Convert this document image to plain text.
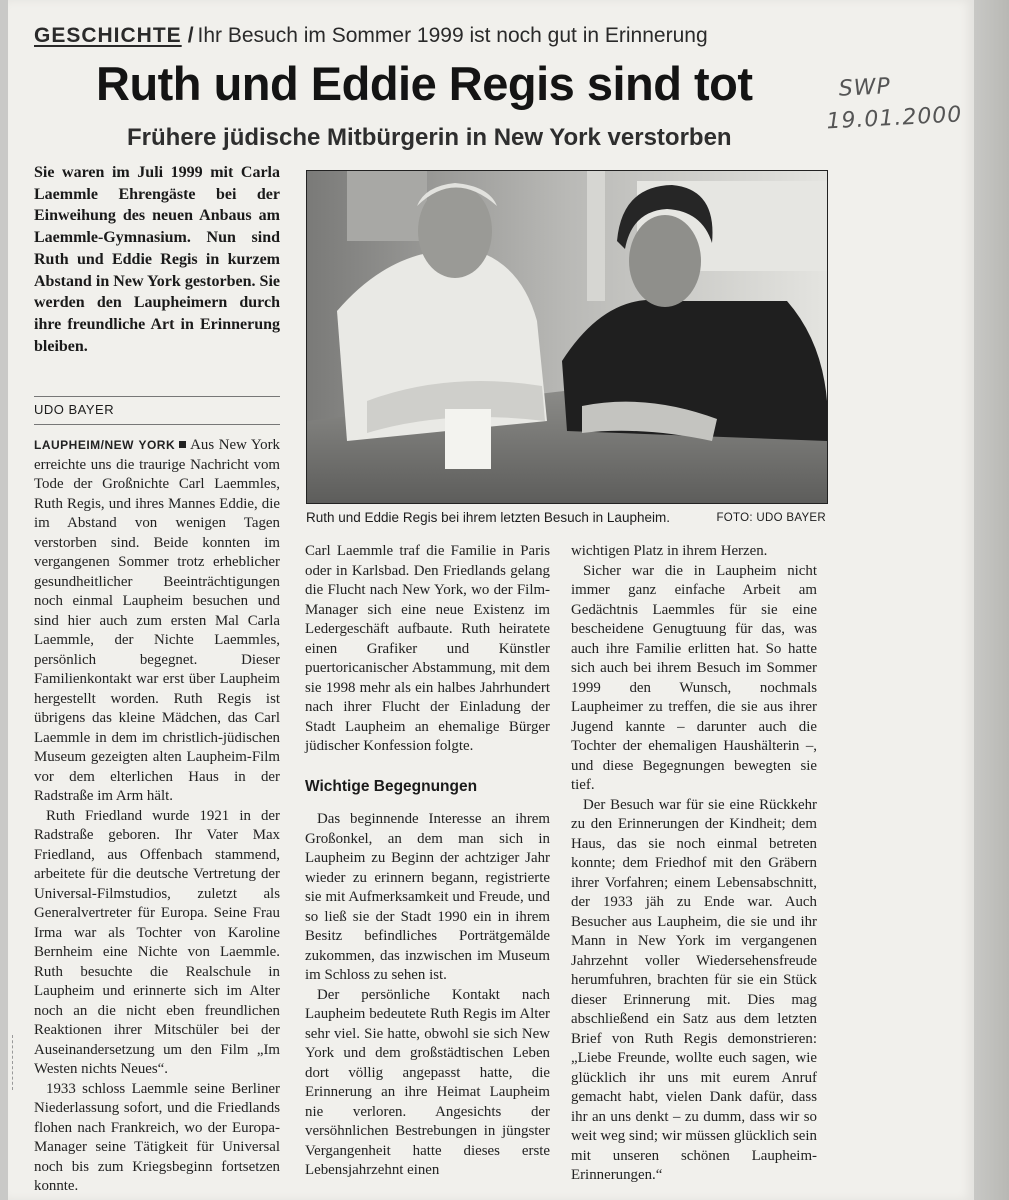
GESCHICHTE / Ihr Besuch im Sommer 1999 ist noch gut in Erinnerung
Ruth und Eddie Regis sind tot
Frühere jüdische Mitbürgerin in New York verstorben
SWP
19.01.2000
Sie waren im Juli 1999 mit Carla Laemmle Ehrengäste bei der Einweihung des neuen Anbaus am Laemmle-Gymnasium. Nun sind Ruth und Eddie Regis in kurzem Abstand in New York gestorben. Sie werden den Laupheimern durch ihre freundliche Art in Erinnerung bleiben.
UDO BAYER
Ruth und Eddie Regis bei ihrem letzten Besuch in Laupheim.	FOTO: UDO BAYER

LAUPHEIM/NEW YORK Aus New York erreichte uns die traurige Nachricht vom Tode der Großnichte Carl Laemmles, Ruth Regis, und ihres Mannes Eddie, die im Abstand von wenigen Tagen verstorben sind. Beide konnten im vergangenen Sommer trotz erheblicher gesundheitlicher Beeinträchtigungen noch einmal Laupheim besuchen und sind hier auch zum ersten Mal Carla Laemmle, der Nichte Laemmles, persönlich begegnet. Dieser Familienkontakt war erst über Laupheim hergestellt worden. Ruth Regis ist übrigens das kleine Mädchen, das Carl Laemmle in dem im christlich-jüdischen Museum gezeigten alten Laupheim-Film vor dem elterlichen Haus in der Radstraße im Arm hält.

Ruth Friedland wurde 1921 in der Radstraße geboren. Ihr Vater Max Friedland, aus Offenbach stammend, arbeitete für die deutsche Vertretung der Universal-Filmstudios, zuletzt als Generalvertreter für Europa. Seine Frau Irma war als Tochter von Karoline Bernheim eine Nichte von Laemmle. Ruth besuchte die Realschule in Laupheim und erinnerte sich im Alter noch an die nicht eben freundlichen Reaktionen ihrer Mitschüler bei der Auseinandersetzung um den Film „Im Westen nichts Neues“.

1933 schloss Laemmle seine Berliner Niederlassung sofort, und die Friedlands flohen nach Frankreich, wo der Europa-Manager seine Tätigkeit für Universal noch bis zum Kriegsbeginn fortsetzen konnte.

Carl Laemmle traf die Familie in Paris oder in Karlsbad. Den Friedlands gelang die Flucht nach New York, wo der Film-Manager sich eine neue Existenz im Ledergeschäft aufbaute. Ruth heiratete einen Grafiker und Künstler puertoricanischer Abstammung, mit dem sie 1998 mehr als ein halbes Jahrhundert nach ihrer Flucht der Einladung der Stadt Laupheim an ehemalige Bürger jüdischer Konfession folgte.

Wichtige Begegnungen

Das beginnende Interesse an ihrem Großonkel, an dem man sich in Laupheim zu Beginn der achtziger Jahr wieder zu erinnern begann, registrierte sie mit Aufmerksamkeit und Freude, und so ließ sie der Stadt 1990 ein in ihrem Besitz befindliches Porträtgemälde zukommen, das inzwischen im Museum im Schloss zu sehen ist.

Der persönliche Kontakt nach Laupheim bedeutete Ruth Regis im Alter sehr viel. Sie hatte, obwohl sie sich New York und dem großstädtischen Leben dort völlig angepasst hatte, die Erinnerung an ihre Heimat Laupheim nie verloren. Angesichts der versöhnlichen Bestrebungen in jüngster Vergangenheit hatte dieses erste Lebensjahrzehnt einen

wichtigen Platz in ihrem Herzen.

Sicher war die in Laupheim nicht immer ganz einfache Arbeit am Gedächtnis Laemmles für sie eine bescheidene Genugtuung für das, was auch ihre Familie erlitten hat. So hatte sich auch bei ihrem Besuch im Sommer 1999 den Wunsch, nochmals Laupheimer zu treffen, die sie aus ihrer Jugend kannte – darunter auch die Tochter der ehemaligen Haushälterin –, und diese Begegnungen bewegten sie tief.

Der Besuch war für sie eine Rückkehr zu den Erinnerungen der Kindheit; dem Haus, das sie noch einmal betreten konnte; dem Friedhof mit den Gräbern ihrer Vorfahren; einem Lebensabschnitt, der 1933 jäh zu Ende war. Auch Besucher aus Laupheim, die sie und ihr Mann in New York im vergangenen Jahrzehnt voller Wiedersehensfreude herumfuhren, brachten für sie ein Stück dieser Erinnerung mit. Dies mag abschließend ein Satz aus dem letzten Brief von Ruth Regis demonstrieren: „Liebe Freunde, wollte euch sagen, wie glücklich ihr uns mit eurem Anruf gemacht habt, vielen Dank dafür, dass ihr an uns denkt – zu dumm, dass wir so weit weg sind; wir müssen glücklich sein mit unseren schönen Laupheim-Erinnerungen.“
